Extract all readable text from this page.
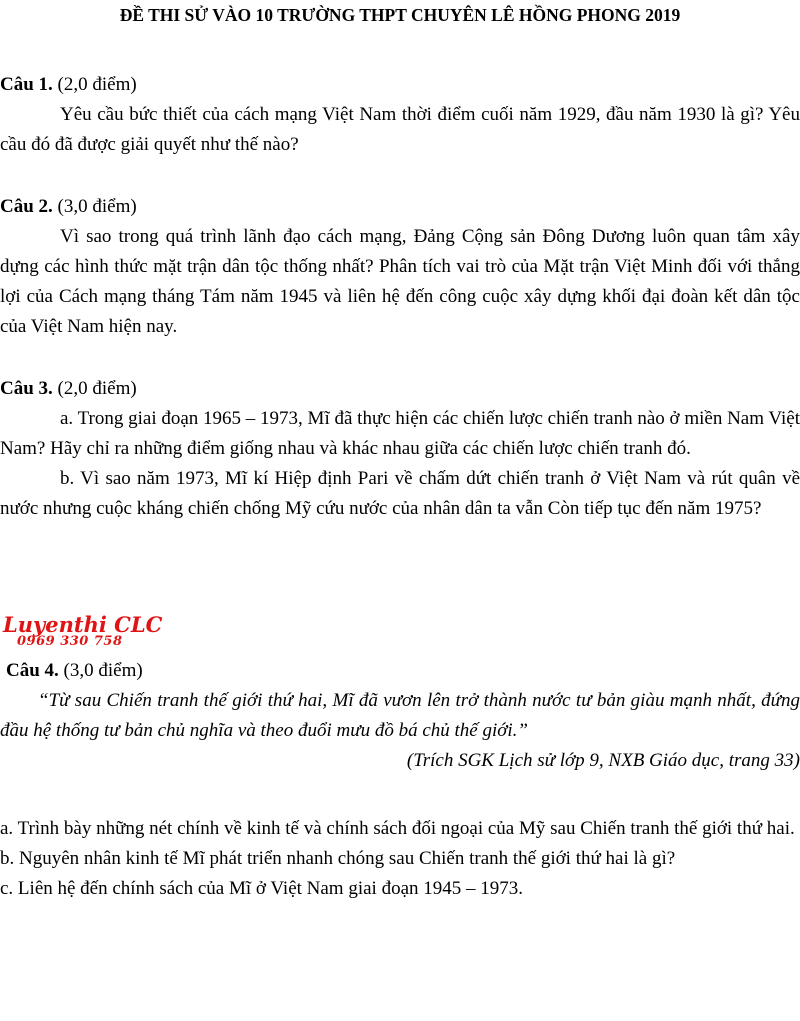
ĐỀ THI SỬ VÀO 10 TRƯỜNG THPT CHUYÊN LÊ HỒNG PHONG 2019
Câu 1. (2,0 điểm)

Yêu cầu bức thiết của cách mạng Việt Nam thời điểm cuối năm 1929, đầu năm 1930 là gì? Yêu cầu đó đã được giải quyết như thế nào?

Câu 2. (3,0 điểm)

Vì sao trong quá trình lãnh đạo cách mạng, Đảng Cộng sản Đông Dương luôn quan tâm xây dựng các hình thức mặt trận dân tộc thống nhất? Phân tích vai trò của Mặt trận Việt Minh đối với thắng lợi của Cách mạng tháng Tám năm 1945 và liên hệ đến công cuộc xây dựng khối đại đoàn kết dân tộc của Việt Nam hiện nay.

Câu 3. (2,0 điểm)

a. Trong giai đoạn 1965 – 1973, Mĩ đã thực hiện các chiến lược chiến tranh nào ở miền Nam Việt Nam? Hãy chỉ ra những điểm giống nhau và khác nhau giữa các chiến lược chiến tranh đó.

b. Vì sao năm 1973, Mĩ kí Hiệp định Pari về chấm dứt chiến tranh ở Việt Nam và rút quân về nước nhưng cuộc kháng chiến chống Mỹ cứu nước của nhân dân ta vẫn Còn tiếp tục đến năm 1975?

Luyenthi CLC
0969 330 758
Câu 4. (3,0 điểm)

“Từ sau Chiến tranh thế giới thứ hai, Mĩ đã vươn lên trở thành nước tư bản giàu mạnh nhất, đứng đầu hệ thống tư bản chủ nghĩa và theo đuổi mưu đồ bá chủ thế giới.”

(Trích SGK Lịch sử lớp 9, NXB Giáo dục, trang 33)

a. Trình bày những nét chính về kinh tế và chính sách đối ngoại của Mỹ sau Chiến tranh thế giới thứ hai.

b. Nguyên nhân kinh tế Mĩ phát triển nhanh chóng sau Chiến tranh thế giới thứ hai là gì?

c. Liên hệ đến chính sách của Mĩ ở Việt Nam giai đoạn 1945 – 1973.
